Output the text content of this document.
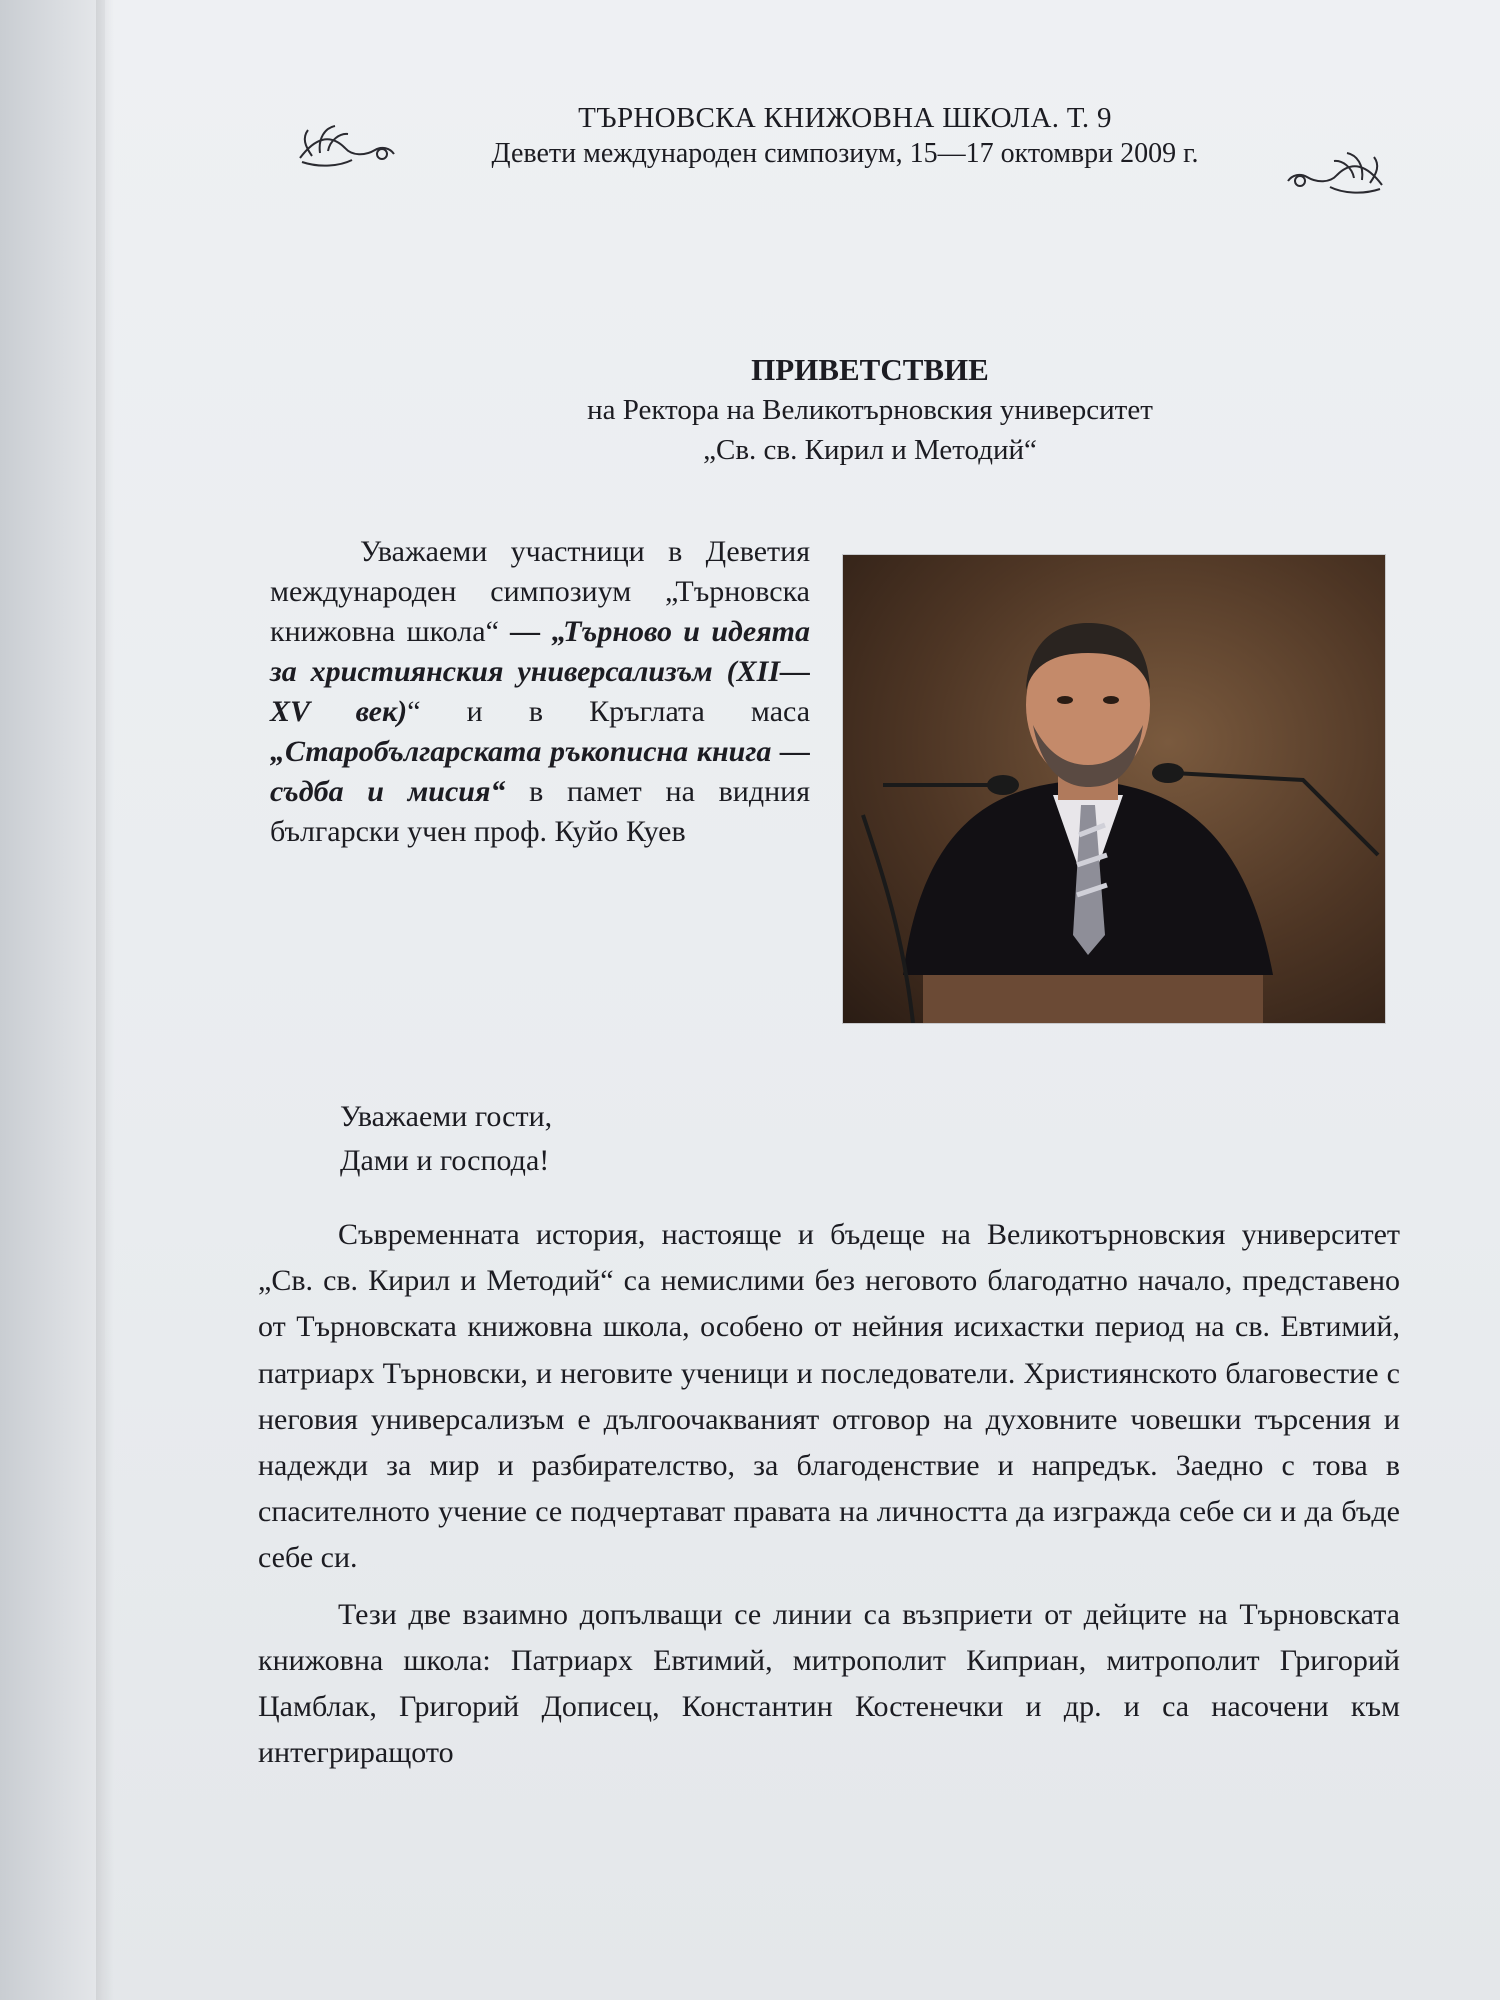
ТЪРНОВСКА КНИЖОВНА ШКОЛА. Т. 9
Девети международен симпозиум, 15—17 октомври 2009 г.
ПРИВЕТСТВИЕ
на Ректора на Великотърновския университет
„Св. св. Кирил и Методий“
Уважаеми участници в Деветия международен симпозиум „Търновска книжовна школа“ — „Търново и идеята за християнския универсализъм (XII—XV век)“ и в Кръглата маса „Старобългарската ръкописна книга — съдба и мисия“ в памет на видния български учен проф. Куйо Куев
Уважаеми гости,
Дами и господа!

Съвременната история, настояще и бъдеще на Великотърновския университет „Св. св. Кирил и Методий“ са немислими без неговото благодатно начало, представено от Търновската книжовна школа, особено от нейния исихастки период на св. Евтимий, патриарх Търновски, и неговите ученици и последователи. Християнското благовестие с неговия универсализъм е дългоочакваният отговор на духовните човешки търсения и надежди за мир и разбирателство, за благоденствие и напредък. Заедно с това в спасителното учение се подчертават правата на личността да изгражда себе си и да бъде себе си.

Тези две взаимно допълващи се линии са възприети от дейците на Търновската книжовна школа: Патриарх Евтимий, митрополит Киприан, митрополит Григорий Цамблак, Григорий Дописец, Константин Костенечки и др. и са насочени към интегриращото
